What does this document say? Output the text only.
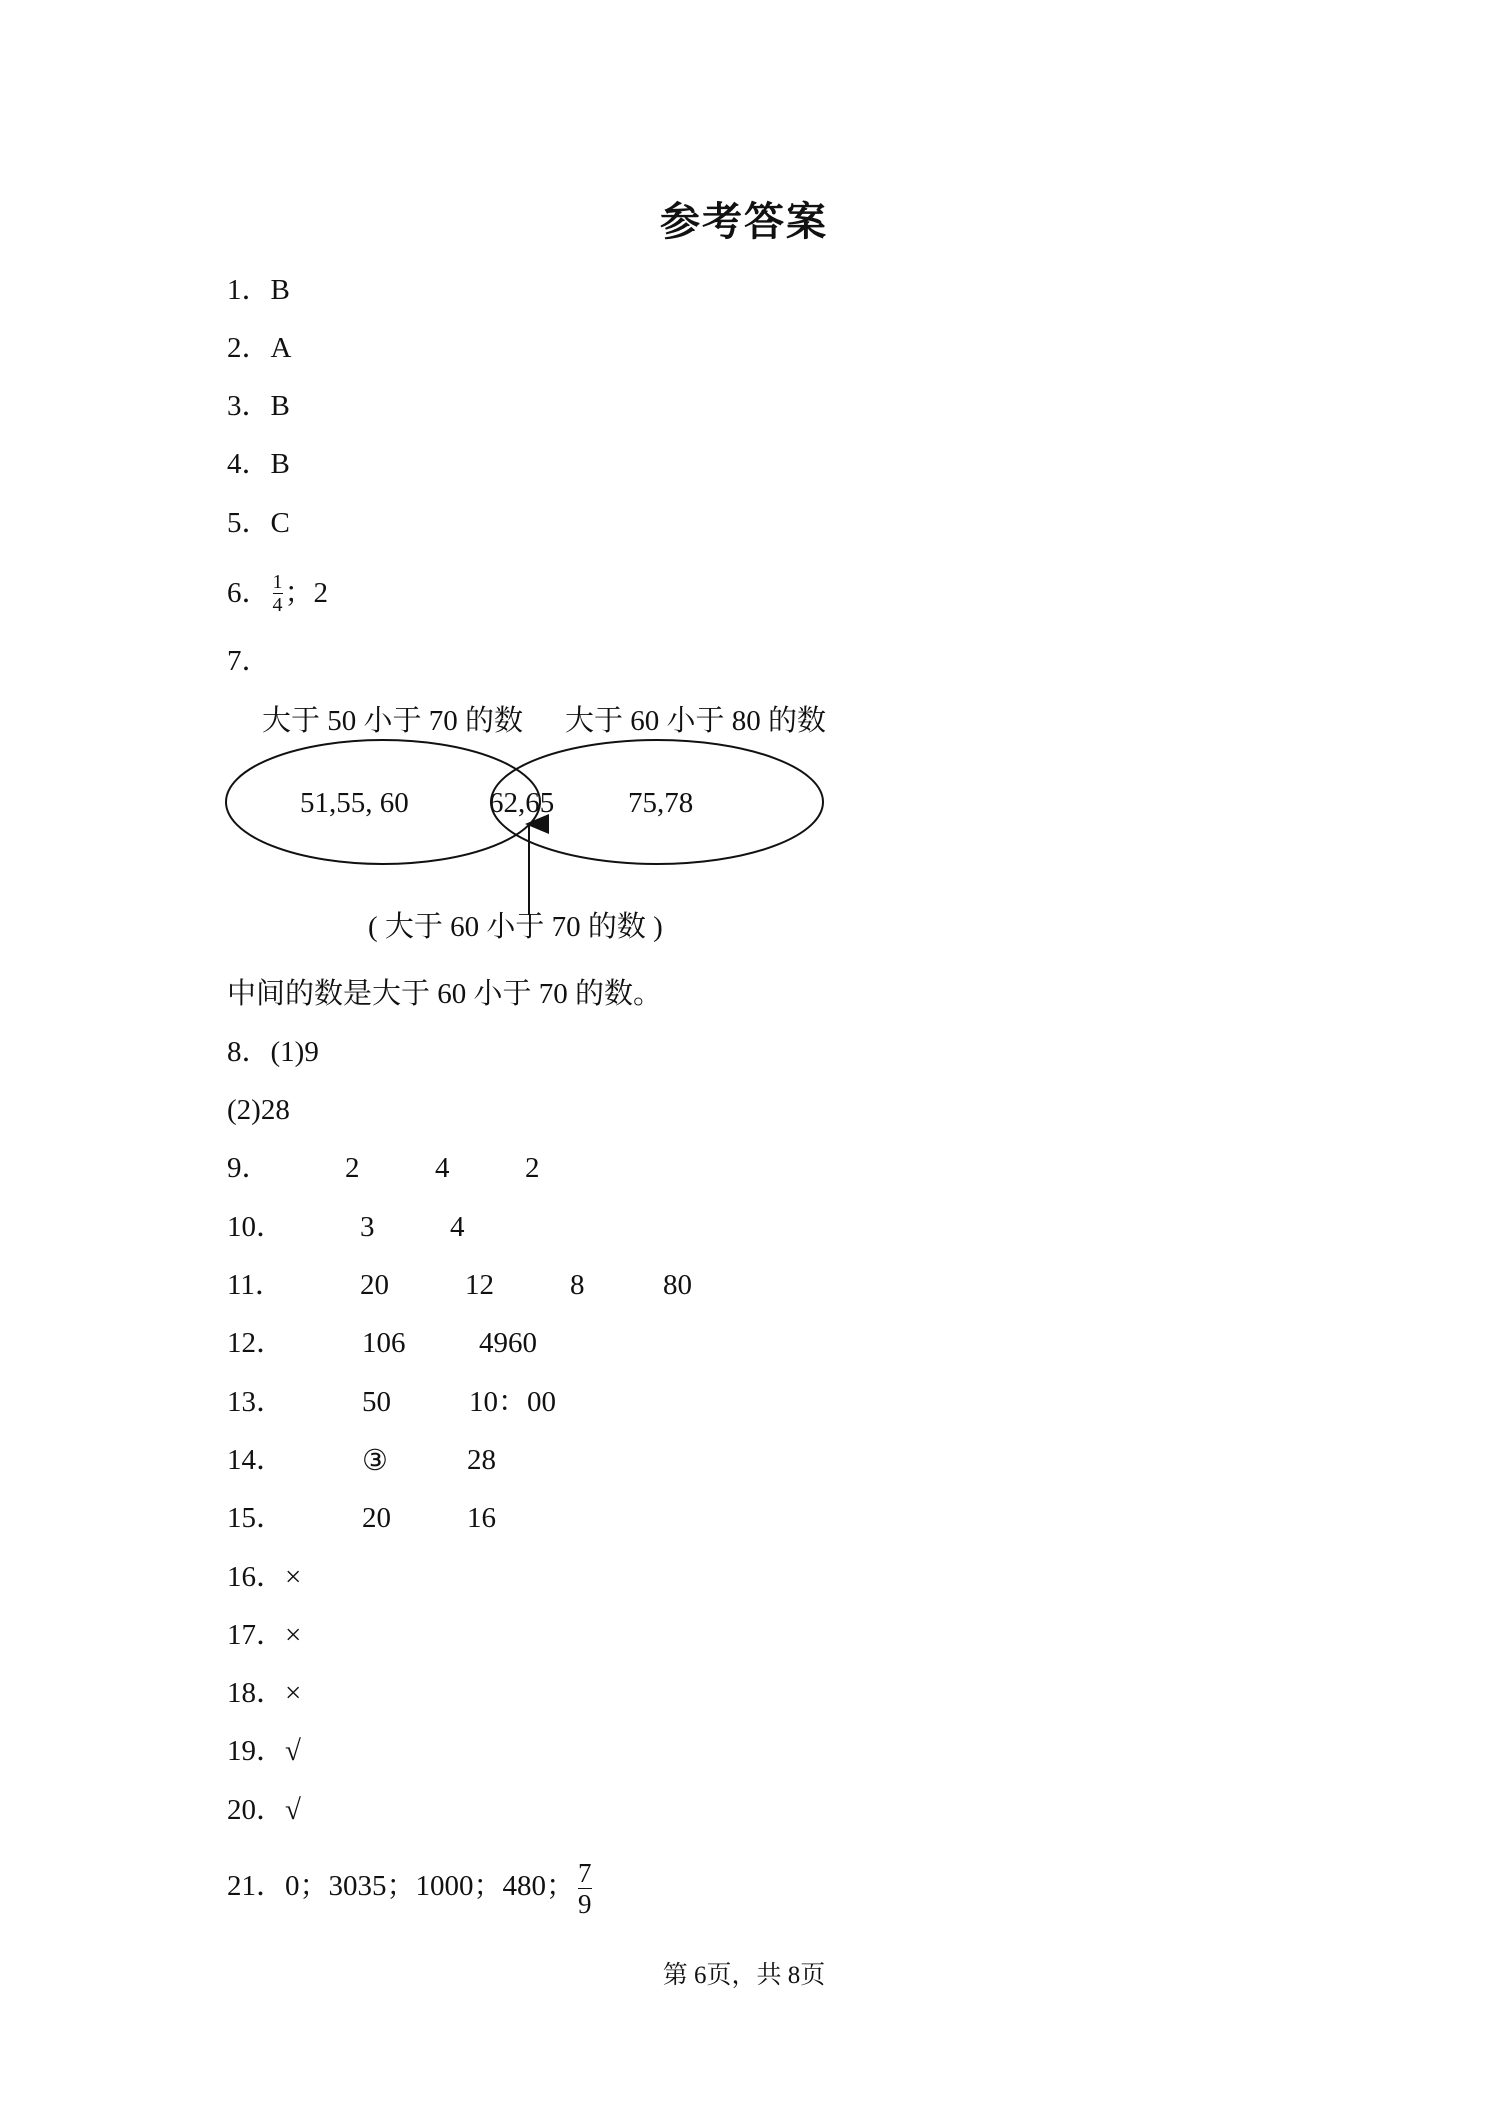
参考答案
1．B
2．A
3．B
4．B
5．C
6． $\frac{1}{4}$ ；2
7．
大于 50 小于 70 的数 大于 60 小于 80 的数
51,55, 60	62,65	75,78
( 大于 60 小于 70 的数 )
中间的数是大于 60 小于 70 的数。
8．(1)9
(2)28
9．	2	4	2
10．	3	4
11．	20	12	8	80
12．	106	4960
13．	50	10：00
14．	③	28
15．	20	16
16．×
17．×
18．×
19．√
20．√
21．0；3035；1000；480； $\frac{7}{9}$
第 6页，共 8页
